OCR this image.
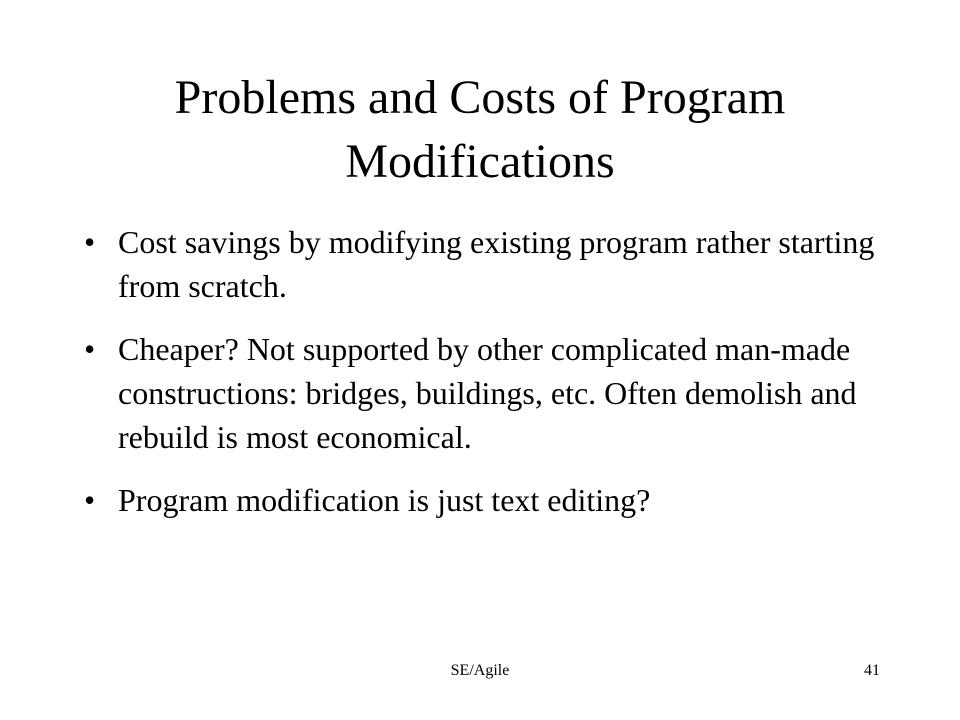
Problems and Costs of Program Modifications
• Cost savings by modifying existing program rather starting from scratch.
• Cheaper? Not supported by other complicated man-made constructions: bridges, buildings, etc. Often demolish and rebuild is most economical.
• Program modification is just text editing?
SE/Agile	41
